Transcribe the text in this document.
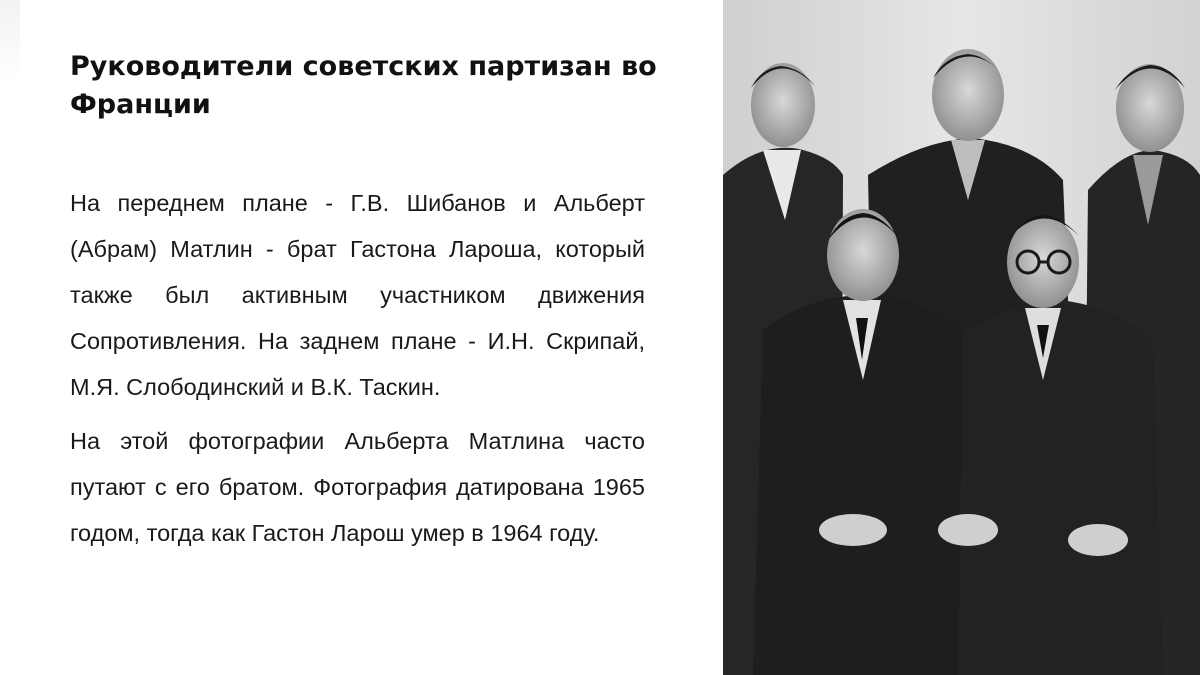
Руководители советских партизан во Франции

На переднем плане - Г.В. Шибанов и Альберт (Абрам) Матлин - брат Гастона Лароша, который также был активным участником движения Сопротивления. На заднем плане - И.Н. Скрипай, М.Я. Слободинский и В.К. Таскин.

На этой фотографии Альберта Матлина часто путают с его братом. Фотография датирована 1965 годом, тогда как Гастон Ларош умер в 1964 году.
